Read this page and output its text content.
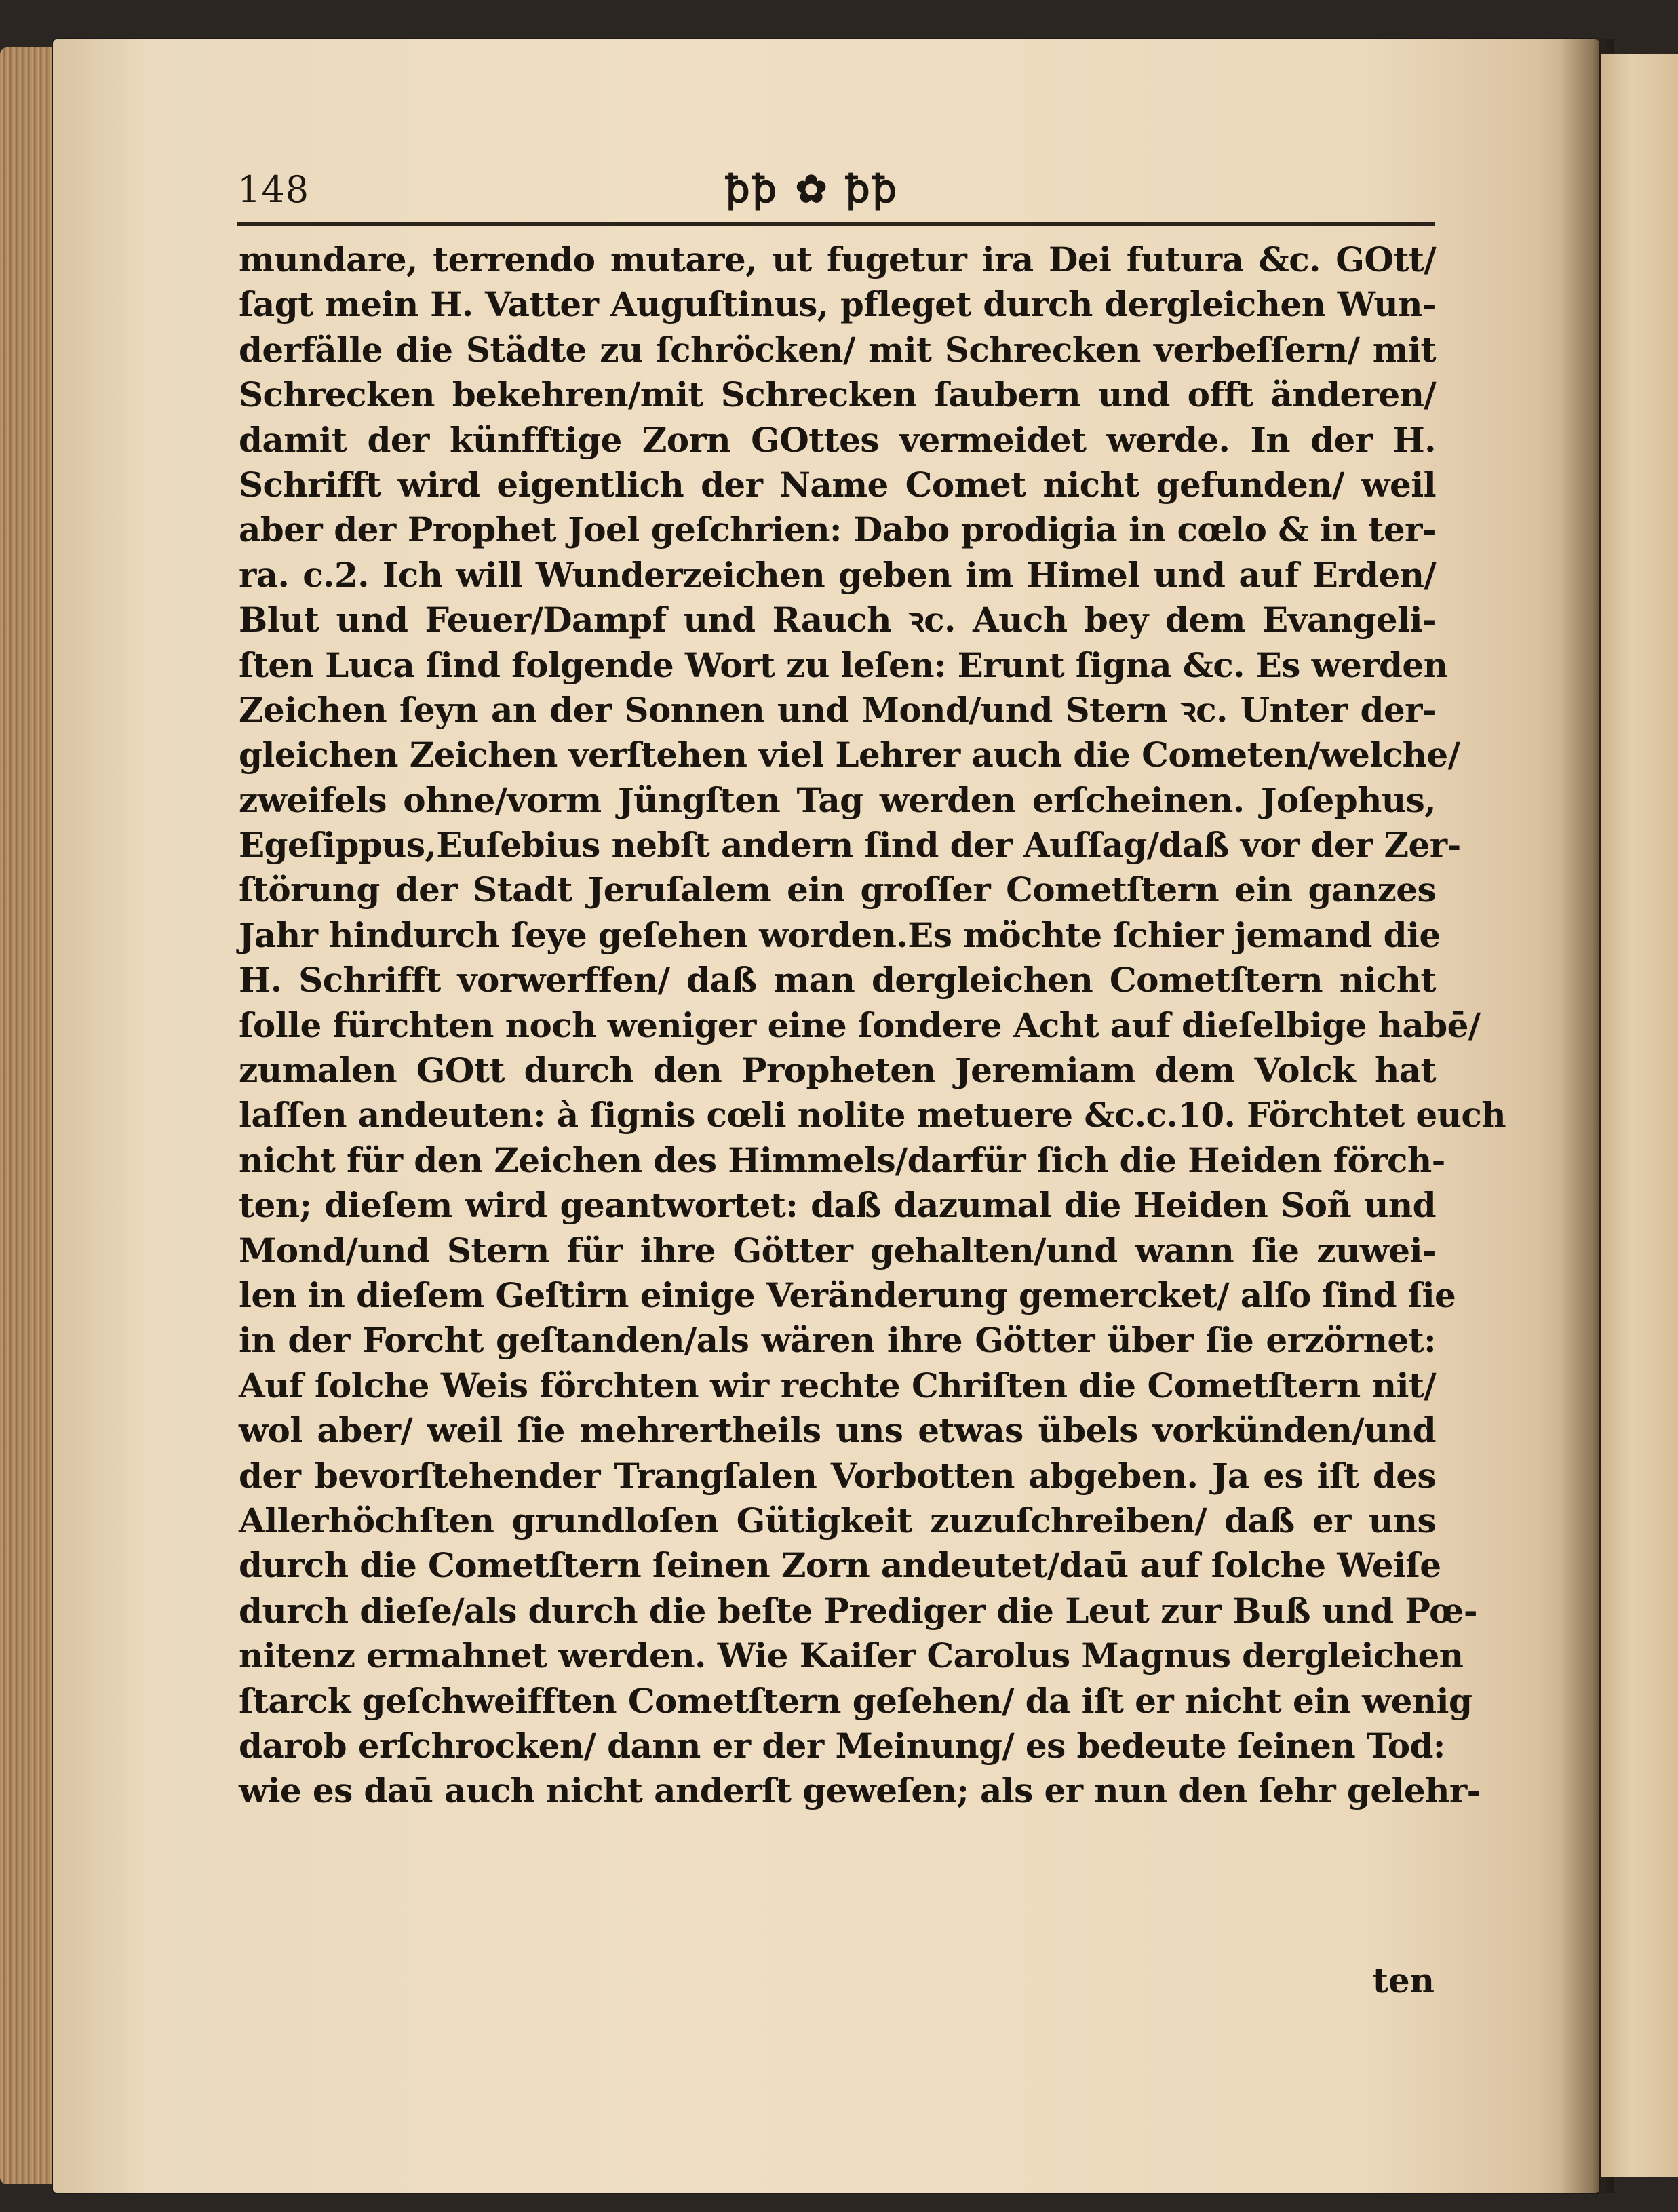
148	ꝥꝥ ✿ ꝥꝥ
mundare, terrendo mutare, ut fugetur ira Dei futura &c. GOtt/
ſagt mein H. Vatter Auguſtinus, pfleget durch dergleichen Wun-
derfälle die Städte zu ſchröcken/ mit Schrecken verbeſſern/ mit
Schrecken bekehren/mit Schrecken ſaubern und offt änderen/
damit der künfftige Zorn GOttes vermeidet werde. In der H.
Schrifft wird eigentlich der Name Comet nicht gefunden/ weil
aber der Prophet Joel geſchrien: Dabo prodigia in cœlo & in ter-
ra. c.2. Ich will Wunderzeichen geben im Himel und auf Erden/
Blut und Feuer/Dampf und Rauch ꝛc. Auch bey dem Evangeli-
ſten Luca ſind folgende Wort zu leſen: Erunt ſigna &c. Es werden
Zeichen ſeyn an der Sonnen und Mond/und Stern ꝛc. Unter der-
gleichen Zeichen verſtehen viel Lehrer auch die Cometen/welche/
zweifels ohne/vorm Jüngſten Tag werden erſcheinen. Joſephus,
Egeſippus,Euſebius nebſt andern ſind der Auſſag/daß vor der Zer-
ſtörung der Stadt Jeruſalem ein groſſer Cometſtern ein ganzes
Jahr hindurch ſeye geſehen worden.Es möchte ſchier jemand die
H. Schrifft vorwerffen/ daß man dergleichen Cometſtern nicht
ſolle fürchten noch weniger eine ſondere Acht auf dieſelbige habē/
zumalen GOtt durch den Propheten Jeremiam dem Volck hat
laſſen andeuten: à ſignis cœli nolite metuere &c.c.10. Förchtet euch
nicht für den Zeichen des Himmels/darfür ſich die Heiden förch-
ten; dieſem wird geantwortet: daß dazumal die Heiden Soñ und
Mond/und Stern für ihre Götter gehalten/und wann ſie zuwei-
len in dieſem Geſtirn einige Veränderung gemercket/ alſo ſind ſie
in der Forcht geſtanden/als wären ihre Götter über ſie erzörnet:
Auf ſolche Weis förchten wir rechte Chriſten die Cometſtern nit/
wol aber/ weil ſie mehrertheils uns etwas übels vorkünden/und
der bevorſtehender Trangſalen Vorbotten abgeben. Ja es iſt des
Allerhöchſten grundloſen Gütigkeit zuzuſchreiben/ daß er uns
durch die Cometſtern ſeinen Zorn andeutet/daū auf ſolche Weiſe
durch dieſe/als durch die beſte Prediger die Leut zur Buß und Pœ-
nitenz ermahnet werden. Wie Kaiſer Carolus Magnus dergleichen
ſtarck geſchweifften Cometſtern geſehen/ da iſt er nicht ein wenig
darob erſchrocken/ dann er der Meinung/ es bedeute ſeinen Tod:
wie es daū auch nicht anderſt geweſen; als er nun den ſehr gelehr-
ten
